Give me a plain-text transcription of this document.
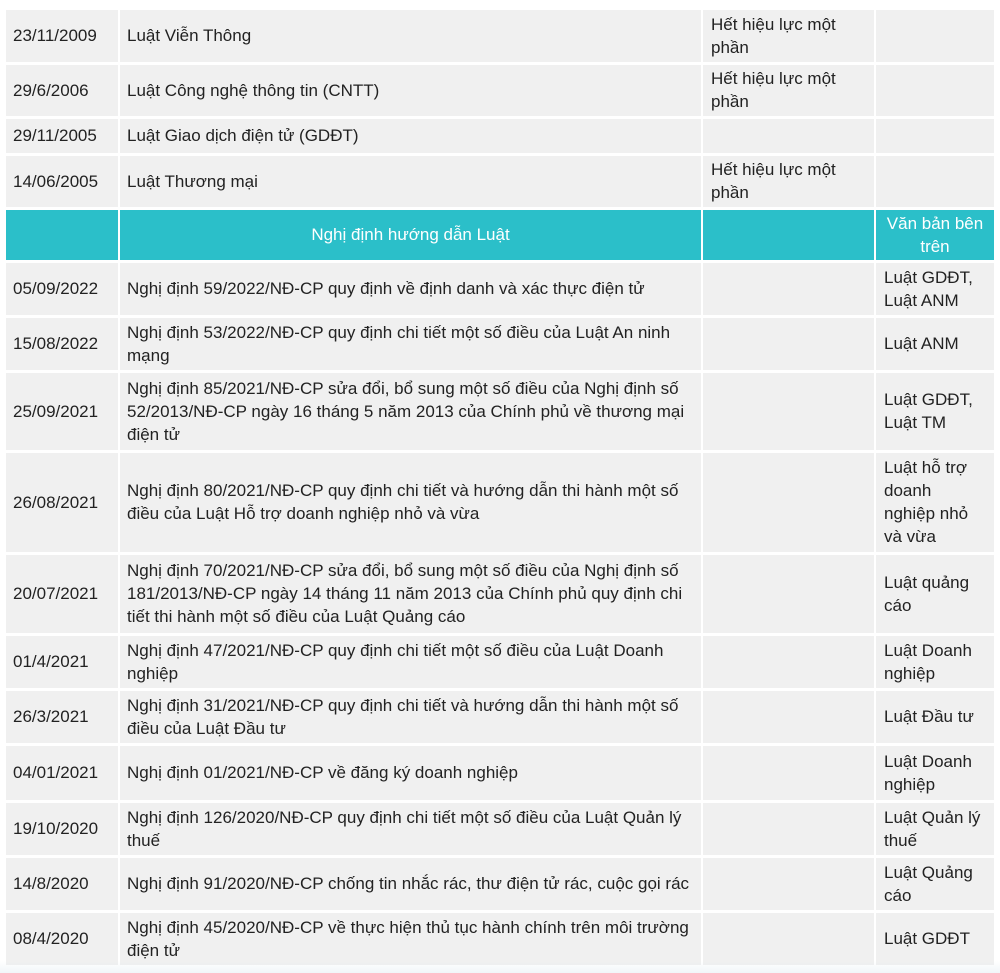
23/11/2009	Luật Viễn Thông	Hết hiệu lực một phần	
29/6/2006	Luật Công nghệ thông tin (CNTT)	Hết hiệu lực một phần	
29/11/2005	Luật Giao dịch điện tử (GDĐT)		
14/06/2005	Luật Thương mại	Hết hiệu lực một phần	
	Nghị định hướng dẫn Luật		Văn bản bên trên
05/09/2022	Nghị định 59/2022/NĐ-CP quy định về định danh và xác thực điện tử		Luật GDĐT, Luật ANM
15/08/2022	Nghị định 53/2022/NĐ-CP quy định chi tiết một số điều của Luật An ninh mạng		Luật ANM
25/09/2021	Nghị định 85/2021/NĐ-CP sửa đổi, bổ sung một số điều của Nghị định số 52/2013/NĐ-CP ngày 16 tháng 5 năm 2013 của Chính phủ về thương mại điện tử		Luật GDĐT, Luật TM
26/08/2021	Nghị định 80/2021/NĐ-CP quy định chi tiết và hướng dẫn thi hành một số điều của Luật Hỗ trợ doanh nghiệp nhỏ và vừa		Luật hỗ trợ doanh nghiệp nhỏ và vừa
20/07/2021	Nghị định 70/2021/NĐ-CP sửa đổi, bổ sung một số điều của Nghị định số 181/2013/NĐ-CP ngày 14 tháng 11 năm 2013 của Chính phủ quy định chi tiết thi hành một số điều của Luật Quảng cáo		Luật quảng cáo
01/4/2021	Nghị định 47/2021/NĐ-CP quy định chi tiết một số điều của Luật Doanh nghiệp		Luật Doanh nghiệp
26/3/2021	Nghị định 31/2021/NĐ-CP quy định chi tiết và hướng dẫn thi hành một số điều của Luật Đầu tư		Luật Đầu tư
04/01/2021	Nghị định 01/2021/NĐ-CP về đăng ký doanh nghiệp		Luật Doanh nghiệp
19/10/2020	Nghị định 126/2020/NĐ-CP quy định chi tiết một số điều của Luật Quản lý thuế		Luật Quản lý thuế
14/8/2020	Nghị định 91/2020/NĐ-CP chống tin nhắc rác, thư điện tử rác, cuộc gọi rác		Luật Quảng cáo
08/4/2020	Nghị định 45/2020/NĐ-CP về thực hiện thủ tục hành chính trên môi trường điện tử		Luật GDĐT
